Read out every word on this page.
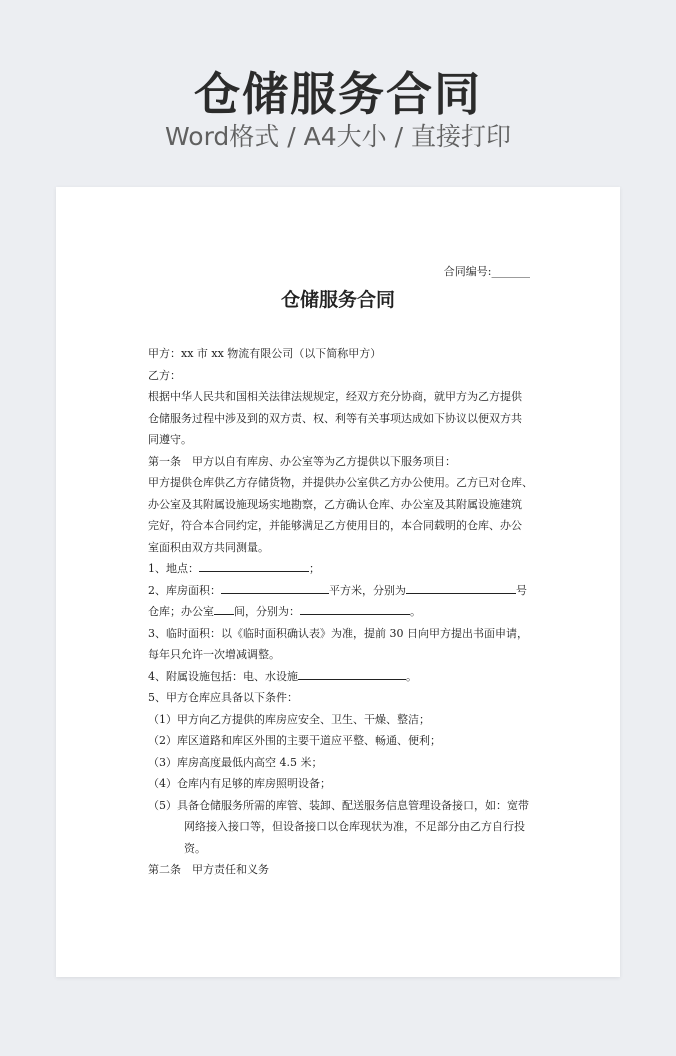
仓储服务合同
Word格式 / A4大小 / 直接打印
合同编号:_______
仓储服务合同

甲方：xx 市 xx 物流有限公司（以下简称甲方）

乙方：

根据中华人民共和国相关法律法规规定，经双方充分协商，就甲方为乙方提供

仓储服务过程中涉及到的双方责、权、利等有关事项达成如下协议以便双方共

同遵守。

第一条　甲方以自有库房、办公室等为乙方提供以下服务项目：

甲方提供仓库供乙方存储货物，并提供办公室供乙方办公使用。乙方已对仓库、

办公室及其附属设施现场实地勘察，乙方确认仓库、办公室及其附属设施建筑

完好，符合本合同约定，并能够满足乙方使用目的，本合同载明的仓库、办公

室面积由双方共同测量。

1、地点：	；

2、库房面积：	平方米，分别为	号

仓库；办公室 间，分别为：	。

3、临时面积：以《临时面积确认表》为准，提前 30 日向甲方提出书面申请，

每年只允许一次增减调整。

4、附属设施包括：电、水设施	。

5、甲方仓库应具备以下条件：

（1）甲方向乙方提供的库房应安全、卫生、干燥、整洁；

（2）库区道路和库区外围的主要干道应平整、畅通、便利；

（3）库房高度最低内高空 4.5 米；

（4）仓库内有足够的库房照明设备；

（5）具备仓储服务所需的库管、装卸、配送服务信息管理设备接口，如：宽带网络接入接口等，但设备接口以仓库现状为准，不足部分由乙方自行投资。

第二条　甲方责任和义务
